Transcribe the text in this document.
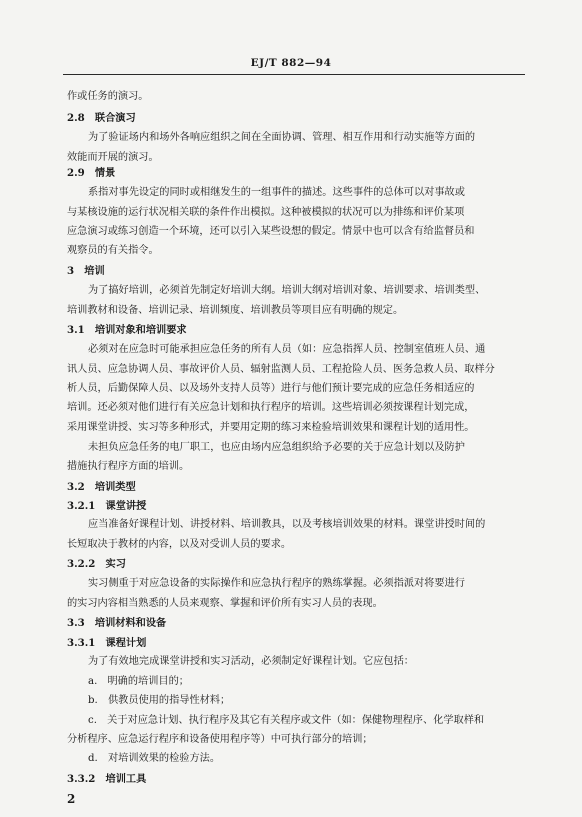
EJ/T 882—94
作或任务的演习。
2.8　联合演习
为了验证场内和场外各响应组织之间在全面协调、管理、相互作用和行动实施等方面的
效能而开展的演习。
2.9　情景
系指对事先设定的同时或相继发生的一组事件的描述。这些事件的总体可以对事故或
与某核设施的运行状况相关联的条件作出模拟。这种被模拟的状况可以为排练和评价某项
应急演习或练习创造一个环境，还可以引入某些设想的假定。情景中也可以含有给监督员和
观察员的有关指令。
3　培训
为了搞好培训，必须首先制定好培训大纲。培训大纲对培训对象、培训要求、培训类型、
培训教材和设备、培训记录、培训频度、培训教员等项目应有明确的规定。
3.1　培训对象和培训要求
必须对在应急时可能承担应急任务的所有人员（如：应急指挥人员、控制室值班人员、通
讯人员、应急协调人员、事故评价人员、辐射监测人员、工程抢险人员、医务急救人员、取样分
析人员，后勤保障人员、以及场外支持人员等）进行与他们预计要完成的应急任务相适应的
培训。还必须对他们进行有关应急计划和执行程序的培训。这些培训必须按课程计划完成，
采用课堂讲授、实习等多种形式，并要用定期的练习来检验培训效果和课程计划的适用性。
未担负应急任务的电厂职工，也应由场内应急组织给予必要的关于应急计划以及防护
措施执行程序方面的培训。
3.2　培训类型
3.2.1　课堂讲授
应当准备好课程计划、讲授材料、培训教具，以及考核培训效果的材料。课堂讲授时间的
长短取决于教材的内容，以及对受训人员的要求。
3.2.2　实习
实习侧重于对应急设备的实际操作和应急执行程序的熟练掌握。必须指派对将要进行
的实习内容相当熟悉的人员来观察、掌握和评价所有实习人员的表现。
3.3　培训材料和设备
3.3.1　课程计划
为了有效地完成课堂讲授和实习活动，必须制定好课程计划。它应包括：
a.　明确的培训目的；
b.　供教员使用的指导性材料；
c.　关于对应急计划、执行程序及其它有关程序或文件（如：保健物理程序、化学取样和
分析程序、应急运行程序和设备使用程序等）中可执行部分的培训；
d.　对培训效果的检验方法。
3.3.2　培训工具
2
